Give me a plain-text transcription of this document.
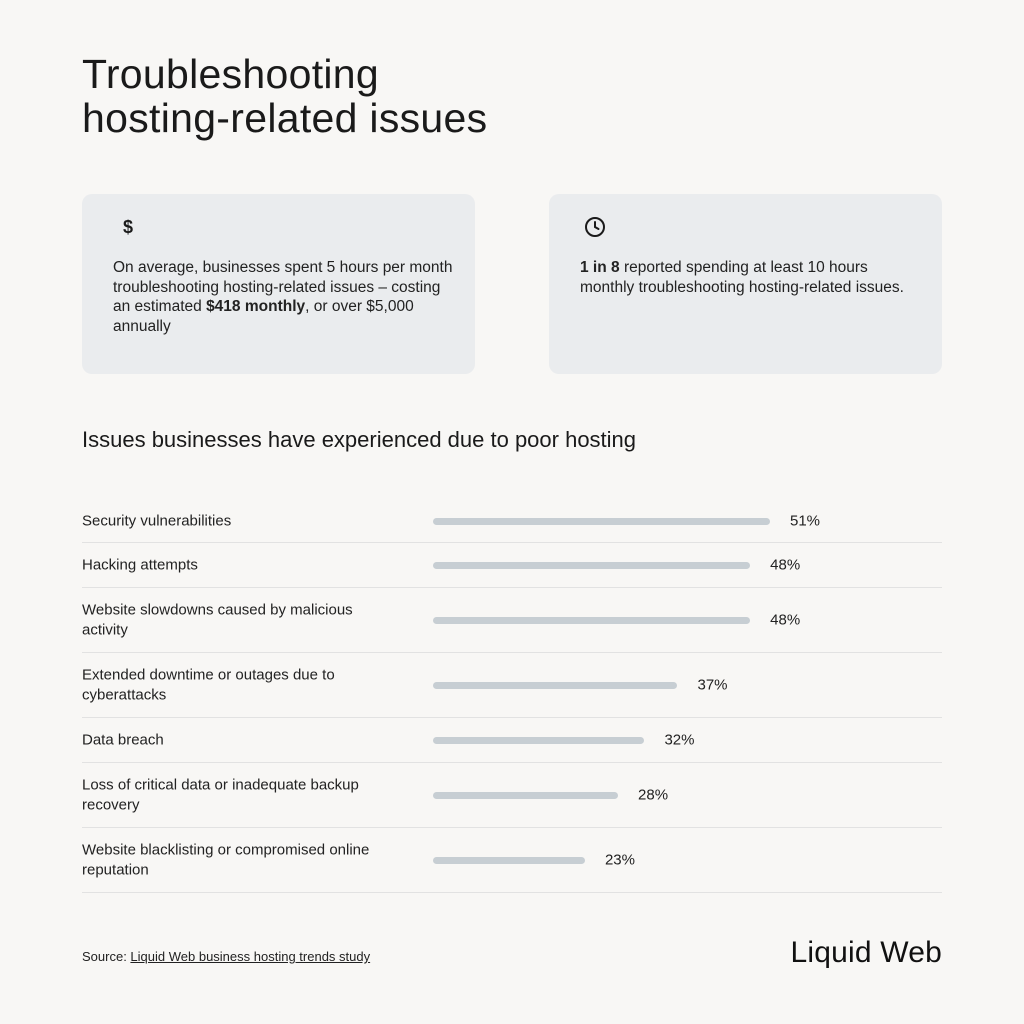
Troubleshooting
hosting-related issues
$
On average, businesses spent 5 hours per month troubleshooting hosting-related issues – costing an estimated $418 monthly, or over $5,000 annually
1 in 8 reported spending at least 10 hours monthly troubleshooting hosting-related issues.
Issues businesses have experienced due to poor hosting
Security vulnerabilities	51%
Hacking attempts	48%
Website slowdowns caused by malicious activity
48%
Extended downtime or outages due to cyberattacks
37%
Data breach	32%
Loss of critical data or inadequate backup recovery
28%
Website blacklisting or compromised online reputation
23%
Source: Liquid Web business hosting trends study	Liquid Web
